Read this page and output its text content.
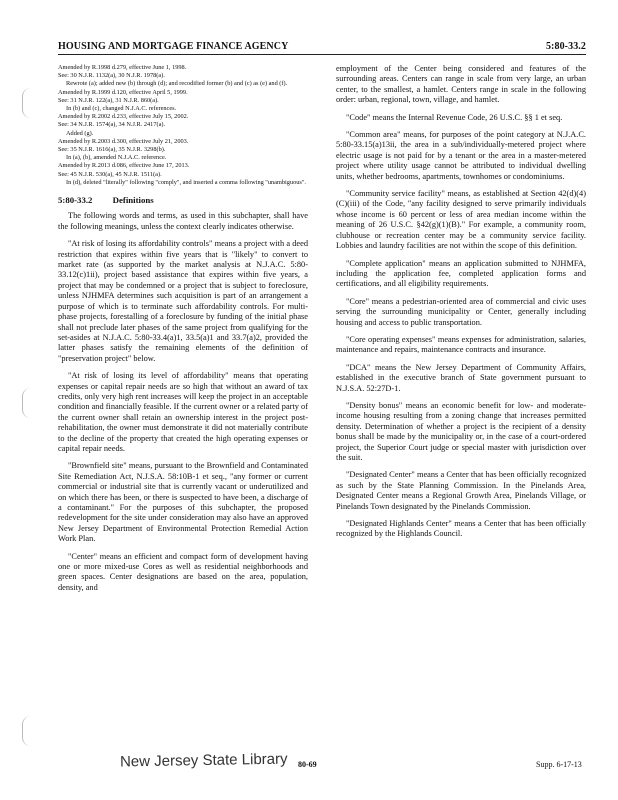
HOUSING AND MORTGAGE FINANCE AGENCY	5:80-33.2
Amended by R.1998 d.279, effective June 1, 1998.
See: 30 N.J.R. 1132(a), 30 N.J.R. 1978(a).
Rewrote (a); added new (b) through (d); and recodified former (b) and (c) as (e) and (f).
Amended by R.1999 d.120, effective April 5, 1999.
See: 31 N.J.R. 122(a), 31 N.J.R. 860(a).
In (b) and (c), changed N.J.A.C. references.
Amended by R.2002 d.233, effective July 15, 2002.
See: 34 N.J.R. 1574(a), 34 N.J.R. 2417(a).
Added (g).
Amended by R.2003 d.300, effective July 21, 2003.
See: 35 N.J.R. 1616(a), 35 N.J.R. 3298(b).
In (a), (b), amended N.J.A.C. reference.
Amended by R.2013 d.086, effective June 17, 2013.
See: 45 N.J.R. 530(a), 45 N.J.R. 1511(a).
In (d), deleted "literally" following "comply", and inserted a comma following "unambiguous".
5:80-33.2 Definitions

The following words and terms, as used in this subchapter, shall have the following meanings, unless the context clearly indicates otherwise.

"At risk of losing its affordability controls" means a project with a deed restriction that expires within five years that is "likely" to convert to market rate (as supported by the market analysis at N.J.A.C. 5:80-33.12(c)1ii), project based assistance that expires within five years, a project that may be condemned or a project that is subject to foreclosure, unless NJHMFA determines such acquisition is part of an arrangement a purpose of which is to terminate such affordability controls. For multi-phase projects, forestalling of a foreclosure by funding of the initial phase shall not preclude later phases of the same project from qualifying for the set-asides at N.J.A.C. 5:80-33.4(a)1, 33.5(a)1 and 33.7(a)2, provided the latter phases satisfy the remaining elements of the definition of "preservation project" below.

"At risk of losing its level of affordability" means that operating expenses or capital repair needs are so high that without an award of tax credits, only very high rent increases will keep the project in an acceptable condition and financially feasible. If the current owner or a related party of the current owner shall retain an ownership interest in the project post-rehabilitation, the owner must demonstrate it did not materially contribute to the decline of the property that created the high operating expenses or capital repair needs.

"Brownfield site" means, pursuant to the Brownfield and Contaminated Site Remediation Act, N.J.S.A. 58:10B-1 et seq., "any former or current commercial or industrial site that is currently vacant or underutilized and on which there has been, or there is suspected to have been, a discharge of a contaminant." For the purposes of this subchapter, the proposed redevelopment for the site under consideration may also have an approved New Jersey Department of Environmental Protection Remedial Action Work Plan.

"Center" means an efficient and compact form of development having one or more mixed-use Cores as well as residential neighborhoods and green spaces. Center designations are based on the area, population, density, and

employment of the Center being considered and features of the surrounding areas. Centers can range in scale from very large, an urban center, to the smallest, a hamlet. Centers range in scale in the following order: urban, regional, town, village, and hamlet.

"Code" means the Internal Revenue Code, 26 U.S.C. §§ 1 et seq.

"Common area" means, for purposes of the point category at N.J.A.C. 5:80-33.15(a)13ii, the area in a sub/individually-metered project where electric usage is not paid for by a tenant or the area in a master-metered project where utility usage cannot be attributed to individual dwelling units, whether bedrooms, apartments, townhomes or condominiums.

"Community service facility" means, as established at Section 42(d)(4)(C)(iii) of the Code, "any facility designed to serve primarily individuals whose income is 60 percent or less of area median income within the meaning of 26 U.S.C. §42(g)(1)(B)." For example, a community room, clubhouse or recreation center may be a community service facility. Lobbies and laundry facilities are not within the scope of this definition.

"Complete application" means an application submitted to NJHMFA, including the application fee, completed application forms and certifications, and all eligibility requirements.

"Core" means a pedestrian-oriented area of commercial and civic uses serving the surrounding municipality or Center, generally including housing and access to public transportation.

"Core operating expenses" means expenses for administration, salaries, maintenance and repairs, maintenance contracts and insurance.

"DCA" means the New Jersey Department of Community Affairs, established in the executive branch of State government pursuant to N.J.S.A. 52:27D-1.

"Density bonus" means an economic benefit for low- and moderate-income housing resulting from a zoning change that increases permitted density. Determination of whether a project is the recipient of a density bonus shall be made by the municipality or, in the case of a court-ordered project, the Superior Court judge or special master with jurisdiction over the suit.

"Designated Center" means a Center that has been officially recognized as such by the State Planning Commission. In the Pinelands Area, Designated Center means a Regional Growth Area, Pinelands Village, or Pinelands Town designated by the Pinelands Commission.

"Designated Highlands Center" means a Center that has been officially recognized by the Highlands Council.

New Jersey State Library 80-69	Supp. 6-17-13
